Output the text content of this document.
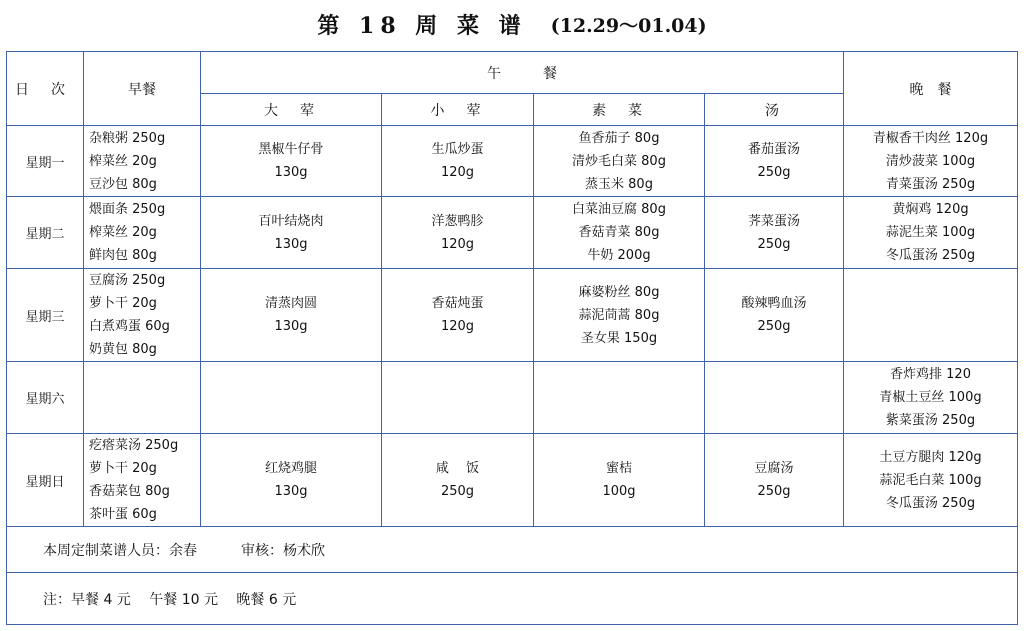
第 18 周 菜 谱 (12.29～01.04)
日　次	早餐	午　　　餐				晚　餐
		大　荤	小　荤	素　菜	汤	
星期一	杂粮粥 250g
榨菜丝 20g
豆沙包 80g	黑椒牛仔骨
130g	生瓜炒蛋
120g	鱼香茄子 80g
清炒毛白菜 80g
蒸玉米 80g	番茄蛋汤
250g	青椒香干肉丝 120g
清炒菠菜 100g
青菜蛋汤 250g

星期二	煨面条 250g
榨菜丝 20g
鲜肉包 80g	百叶结烧肉
130g	洋葱鸭胗
120g	白菜油豆腐 80g
香菇青菜 80g
牛奶 200g	荠菜蛋汤
250g	黄焖鸡 120g
蒜泥生菜 100g
冬瓜蛋汤 250g

星期三	豆腐汤 250g
萝卜干 20g
白煮鸡蛋 60g
奶黄包 80g	清蒸肉圆
130g	香菇炖蛋
120g	麻婆粉丝 80g
蒜泥茼蒿 80g
圣女果 150g	酸辣鸭血汤
250g	

星期六						香炸鸡排 120
青椒土豆丝 100g
紫菜蛋汤 250g

星期日	疙瘩菜汤 250g
萝卜干 20g
香菇菜包 80g
茶叶蛋 60g	红烧鸡腿
130g	咸　 饭
250g	蜜桔
100g	豆腐汤
250g	土豆方腿肉 120g
蒜泥毛白菜 100g
冬瓜蛋汤 250g

本周定制菜谱人员：余春 审核：杨术欣						
注：早餐 4 元　 午餐 10 元　 晚餐 6 元						
